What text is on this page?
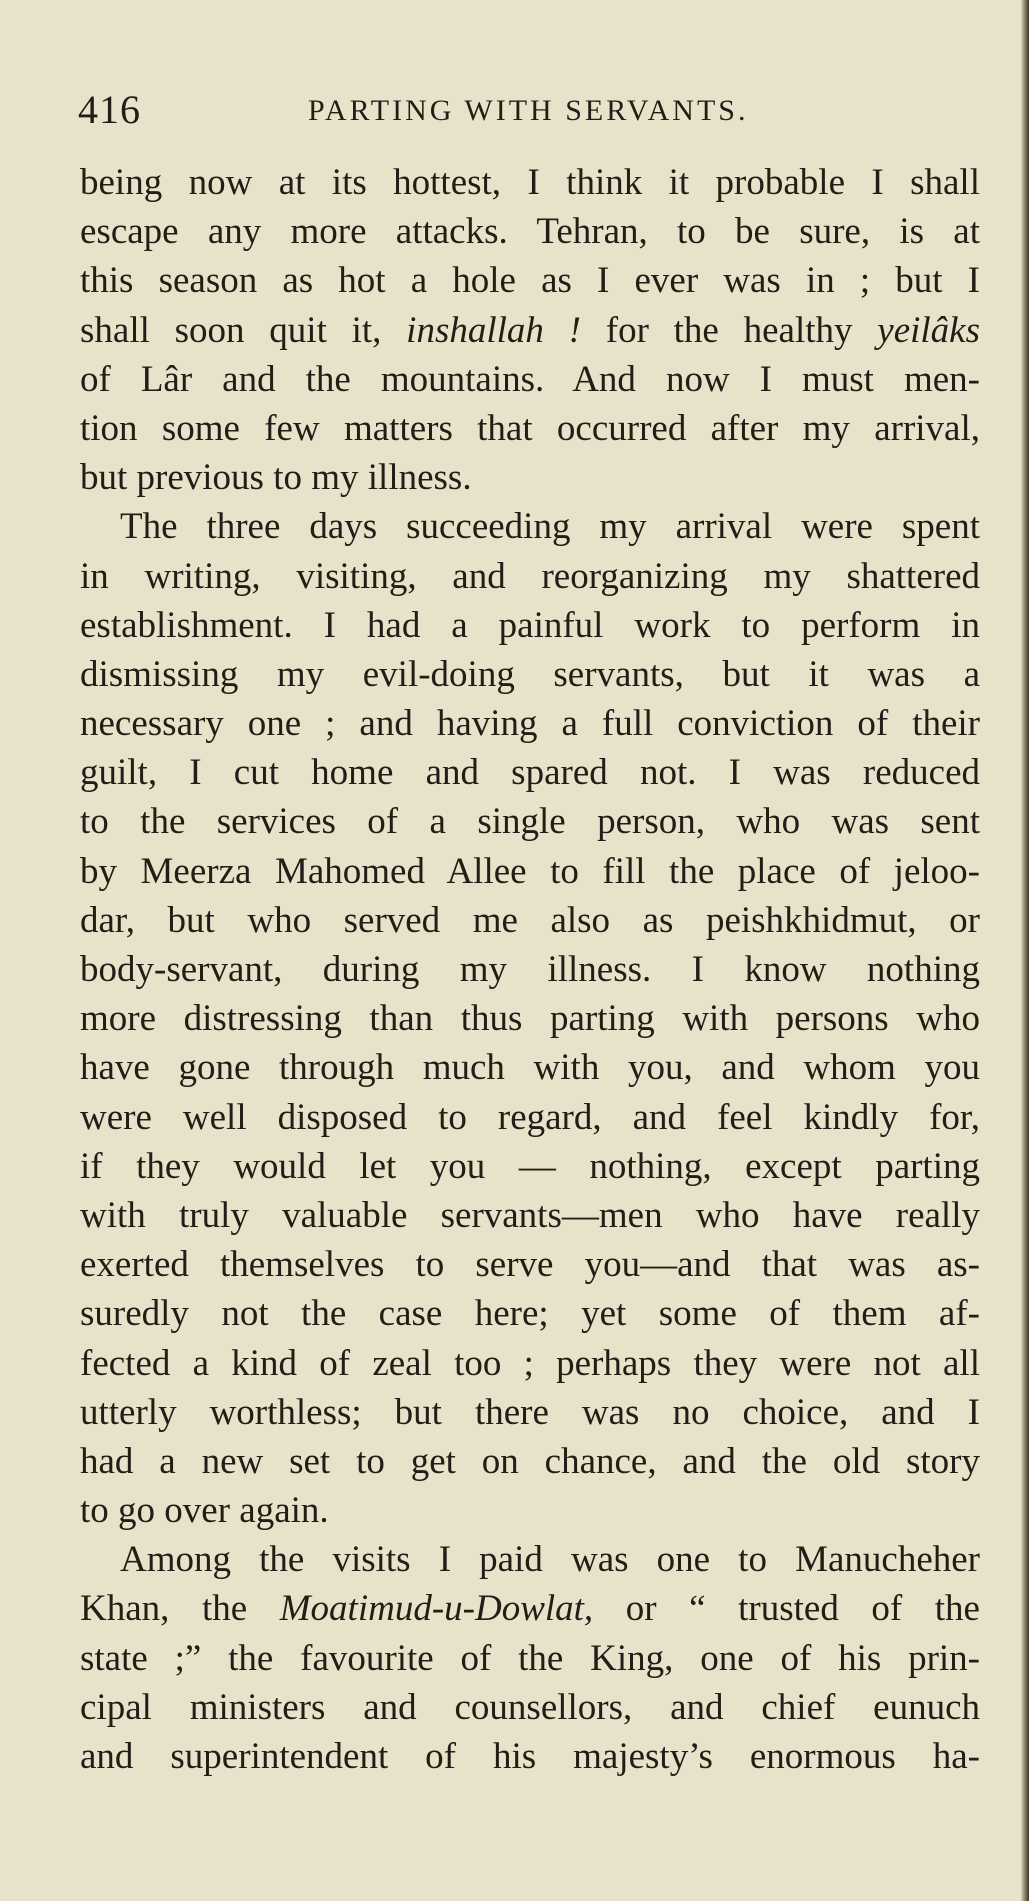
416	PARTING WITH SERVANTS.
being now at its hottest, I think it probable I shall
escape any more attacks. Tehran, to be sure, is at
this season as hot a hole as I ever was in ; but I
shall soon quit it, inshallah ! for the healthy yeilâks
of Lâr and the mountains. And now I must men-
tion some few matters that occurred after my arrival,
but previous to my illness.
The three days succeeding my arrival were spent
in writing, visiting, and reorganizing my shattered
establishment. I had a painful work to perform in
dismissing my evil-doing servants, but it was a
necessary one ; and having a full conviction of their
guilt, I cut home and spared not. I was reduced
to the services of a single person, who was sent
by Meerza Mahomed Allee to fill the place of jeloo-
dar, but who served me also as peishkhidmut, or
body-servant, during my illness. I know nothing
more distressing than thus parting with persons who
have gone through much with you, and whom you
were well disposed to regard, and feel kindly for,
if they would let you — nothing, except parting
with truly valuable servants—men who have really
exerted themselves to serve you—and that was as-
suredly not the case here; yet some of them af-
fected a kind of zeal too ; perhaps they were not all
utterly worthless; but there was no choice, and I
had a new set to get on chance, and the old story
to go over again.
Among the visits I paid was one to Manucheher
Khan, the Moatimud-u-Dowlat, or “ trusted of the
state ;” the favourite of the King, one of his prin-
cipal ministers and counsellors, and chief eunuch
and superintendent of his majesty’s enormous ha-
